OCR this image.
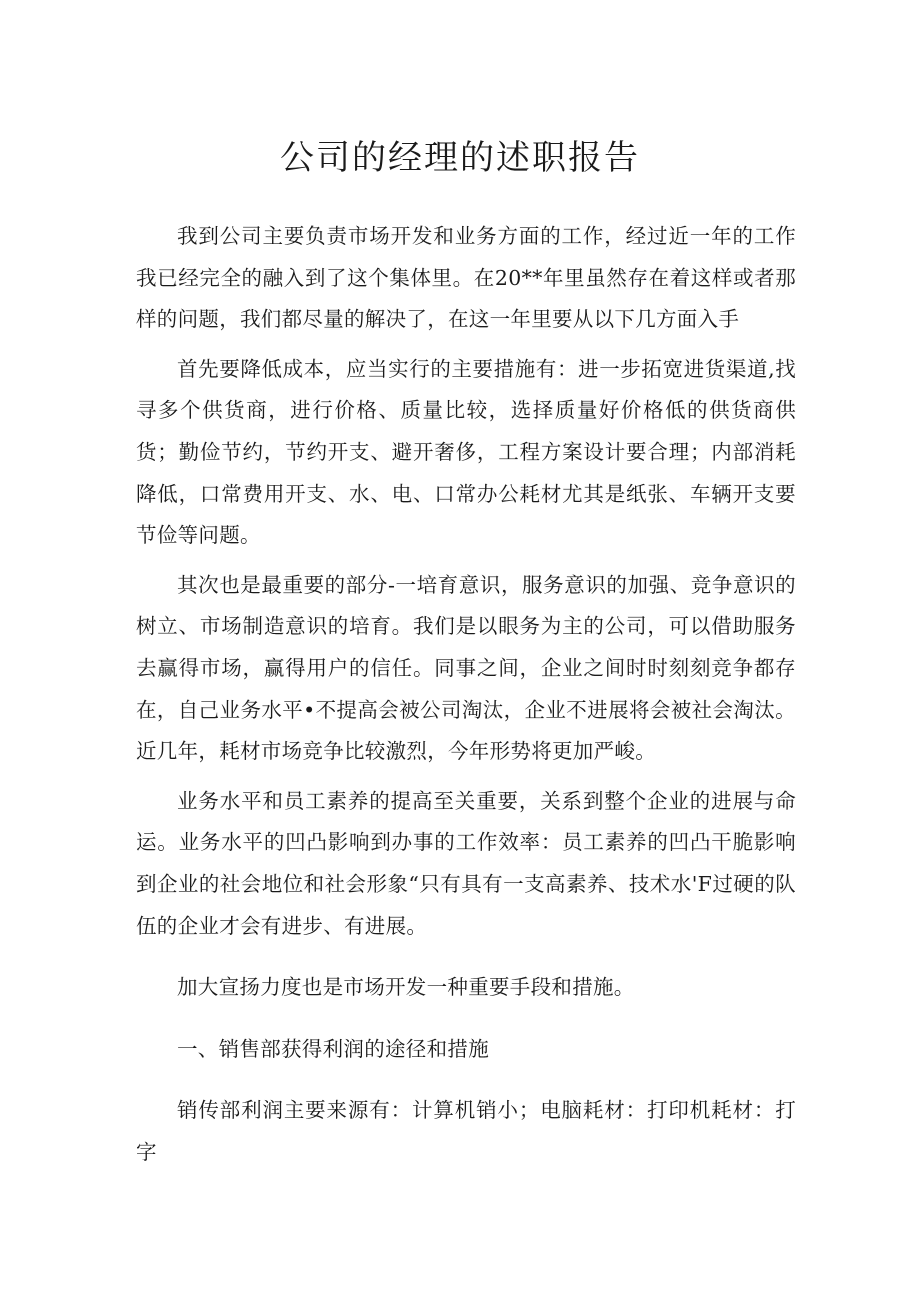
公司的经理的述职报告

我到公司主要负责市场开发和业务方面的工作，经过近一年的工作我已经完全的融入到了这个集体里。在20**年里虽然存在着这样或者那样的问题，我们都尽量的解决了，在这一年里要从以下几方面入手

首先要降低成本，应当实行的主要措施有：进一步拓宽进货渠道,找寻多个供货商，进行价格、质量比较，选择质量好价格低的供货商供货；勤俭节约，节约开支、避开奢侈，工程方案设计要合理；内部消耗降低，口常费用开支、水、电、口常办公耗材尤其是纸张、车辆开支要节俭等问题。

其次也是最重要的部分-一培育意识，服务意识的加强、竞争意识的树立、市场制造意识的培育。我们是以眼务为主的公司，可以借助服务去赢得市场，赢得用户的信任。同事之间，企业之间时时刻刻竞争都存在，自己业务水平•不提高会被公司淘汰，企业不进展将会被社会淘汰。近几年，耗材市场竞争比较激烈，今年形势将更加严峻。

业务水平和员工素养的提高至关重要，关系到整个企业的进展与命运。业务水平的凹凸影响到办事的工作效率：员工素养的凹凸干脆影响到企业的社会地位和社会形象“只有具有一支高素养、技术水'F过硬的队伍的企业才会有进步、有进展。

加大宣扬力度也是市场开发一种重要手段和措施。

一、销售部获得利润的途径和措施

销传部利润主要来源有：计算机销小；电脑耗材：打印机耗材：打字
